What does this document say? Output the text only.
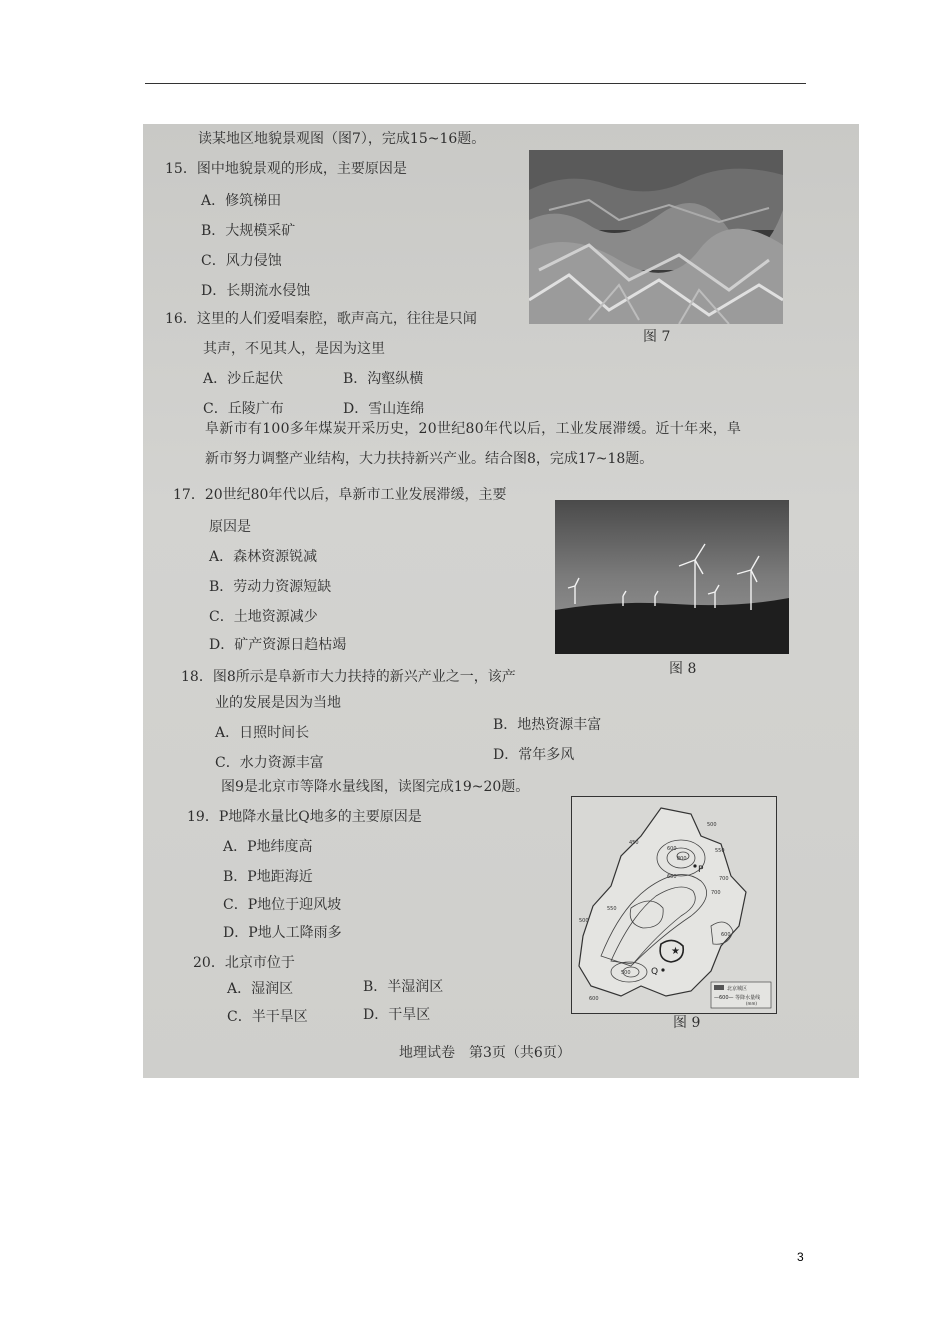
读某地区地貌景观图（图7），完成15~16题。
15．图中地貌景观的形成，主要原因是
A．修筑梯田
B．大规模采矿
C．风力侵蚀
D．长期流水侵蚀
16．这里的人们爱唱秦腔，歌声高亢，往往是只闻
其声，不见其人，是因为这里
A．沙丘起伏	B．沟壑纵横
C．丘陵广布	D．雪山连绵
图 7
阜新市有100多年煤炭开采历史，20世纪80年代以后，工业发展滞缓。近十年来，阜
新市努力调整产业结构，大力扶持新兴产业。结合图8，完成17~18题。
17．20世纪80年代以后，阜新市工业发展滞缓，主要
原因是
A．森林资源锐减
B．劳动力资源短缺
C．土地资源减少
D．矿产资源日趋枯竭
图 8
18．图8所示是阜新市大力扶持的新兴产业之一，该产
业的发展是因为当地
A．日照时间长	B．地热资源丰富
C．水力资源丰富	D．常年多风
图9是北京市等降水量线图，读图完成19~20题。
19．P地降水量比Q地多的主要原因是
A．P地纬度高
B．P地距海近
C．P地位于迎风坡
D．P地人工降雨多
20．北京市位于
A．湿润区	B．半湿润区
C．半干旱区	D．干旱区
★
P
Q
450
500
550
600
650	700
800
700
500
550
500
600
600
北京城区
—600— 等降水量线
(mm)
图 9
地理试卷　第3页（共6页）
3
